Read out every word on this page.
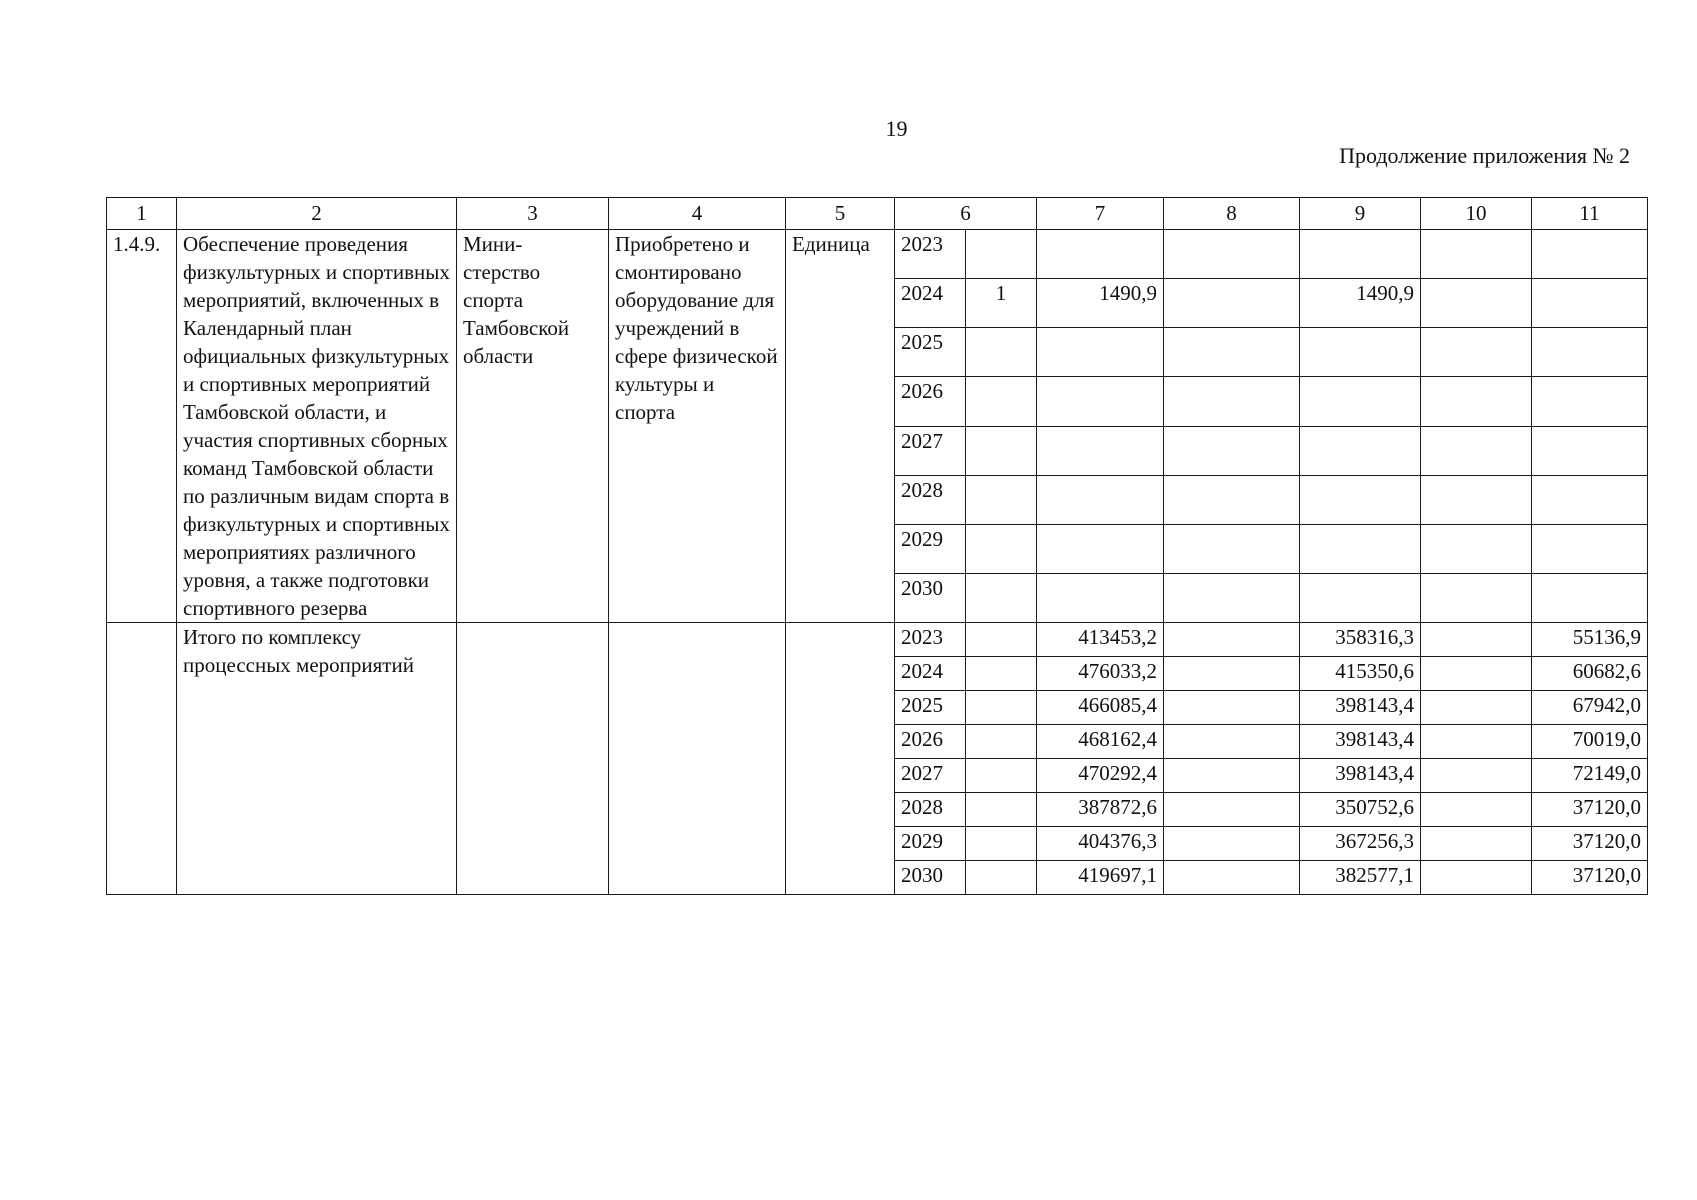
19
Продолжение приложения № 2
1	2	3	4	5	6		7	8	9	10	11
1.4.9.	Обеспечение проведения физкультурных и спортивных мероприятий, включенных в Календарный план официальных физкультурных и спортивных мероприятий Тамбовской области, и участия спортивных сборных команд Тамбовской области по различным видам спорта в физкультурных и спортивных мероприятиях различного уровня, а также подготовки спортивного резерва	Мини- стерство спорта Тамбовской области	Приобретено и смонтировано оборудование для учреждений в сфере физической культуры и спорта	Единица	2023						
					2024	1	1490,9		1490,9		
					2025						
					2026						
					2027						
					2028						
					2029						
					2030						
	Итого по комплексу процессных мероприятий				2023		413453,2		358316,3		55136,9
					2024		476033,2		415350,6		60682,6
					2025		466085,4		398143,4		67942,0
					2026		468162,4		398143,4		70019,0
					2027		470292,4		398143,4		72149,0
					2028		387872,6		350752,6		37120,0
					2029		404376,3		367256,3		37120,0
					2030		419697,1		382577,1		37120,0
